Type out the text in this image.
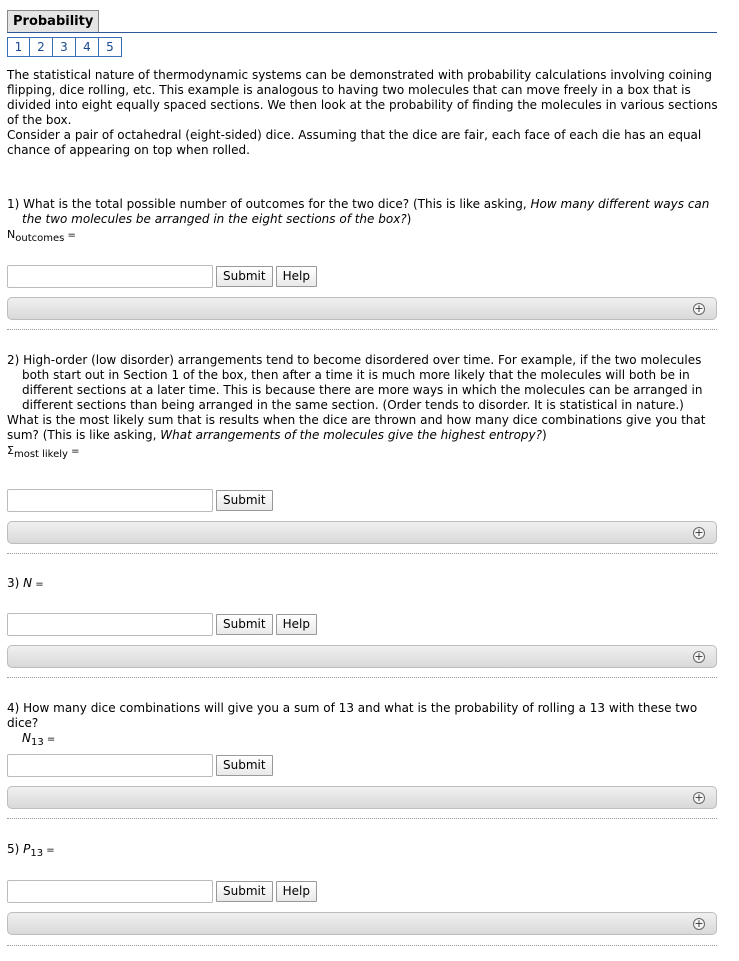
Probability
1	2	3	4	5

The statistical nature of thermodynamic systems can be demonstrated with probability calculations involving coining flipping, dice rolling, etc. This example is analogous to having two molecules that can move freely in a box that is divided into eight equally spaced sections. We then look at the probability of finding the molecules in various sections of the box.

Consider a pair of octahedral (eight-sided) dice. Assuming that the dice are fair, each face of each die has an equal chance of appearing on top when rolled.

1) What is the total possible number of outcomes for the two dice? (This is like asking, How many different ways can the two molecules be arranged in the eight sections of the box?)

$N_{outcomes}$ =

Submit	Help
+

2) High-order (low disorder) arrangements tend to become disordered over time. For example, if the two molecules both start out in Section 1 of the box, then after a time it is much more likely that the molecules will both be in different sections at a later time. This is because there are more ways in which the molecules can be arranged in different sections than being arranged in the same section. (Order tends to disorder. It is statistical in nature.)

What is the most likely sum that is results when the dice are thrown and how many dice combinations give you that sum? (This is like asking, What arrangements of the molecules give the highest entropy?)

$\Sigma_{most likely}$ =

Submit
+

3) N =

Submit	Help
+

4) How many dice combinations will give you a sum of 13 and what is the probability of rolling a 13 with these two dice?

$N_{13}$ =

Submit
+

5) $P_{13}$ =

Submit	Help
+
